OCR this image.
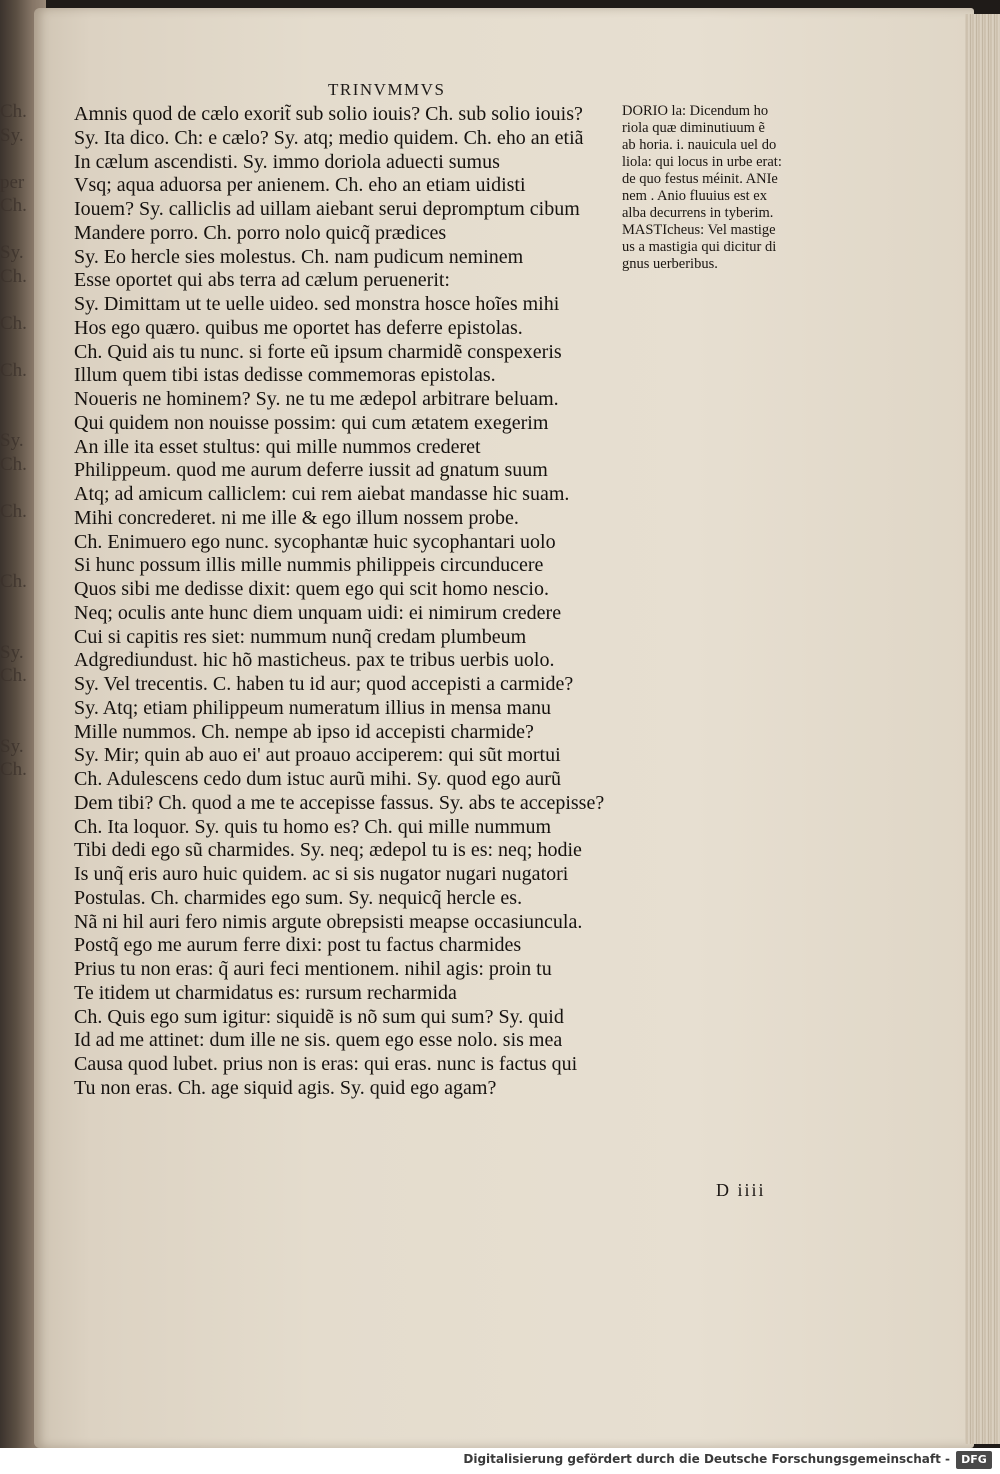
Ch.
Sy.

per
Ch.

Sy.
Ch.

Ch.

Ch.

Sy.
Ch.

Ch.

Ch.

Sy.
Ch.

Sy.
Ch.

TRINVMMVS
Amnis quod de cælo exorit̃ sub solio iouis? Ch. sub solio iouis?
Sy. Ita dico. Ch: e cælo? Sy. atq; medio quidem. Ch. eho an etiã
In cælum ascendisti. Sy. immo doriola aduecti sumus
Vsq; aqua aduorsa per anienem. Ch. eho an etiam uidisti
Iouem? Sy. calliclis ad uillam aiebant serui depromptum cibum
Mandere porro. Ch. porro nolo quicq̃ prædices
Sy. Eo hercle sies molestus. Ch. nam pudicum neminem
Esse oportet qui abs terra ad cælum peruenerit:
Sy. Dimittam ut te uelle uideo. sed monstra hosce hoĩes mihi
Hos ego quæro. quibus me oportet has deferre epistolas.
Ch. Quid ais tu nunc. si forte eũ ipsum charmidẽ conspexeris
Illum quem tibi istas dedisse commemoras epistolas.
Noueris ne hominem? Sy. ne tu me ædepol arbitrare beluam.
Qui quidem non nouisse possim: qui cum ætatem exegerim
An ille ita esset stultus: qui mille nummos crederet
Philippeum. quod me aurum deferre iussit ad gnatum suum
Atq; ad amicum calliclem: cui rem aiebat mandasse hic suam.
Mihi concrederet. ni me ille & ego illum nossem probe.
Ch. Enimuero ego nunc. sycophantæ huic sycophantari uolo
Si hunc possum illis mille nummis philippeis circunducere
Quos sibi me dedisse dixit: quem ego qui scit homo nescio.
Neq; oculis ante hunc diem unquam uidi: ei nimirum credere
Cui si capitis res siet: nummum nunq̃ credam plumbeum
Adgrediundust. hic hõ masticheus. pax te tribus uerbis uolo.
Sy. Vel trecentis. C. haben tu id aur; quod accepisti a carmide?
Sy. Atq; etiam philippeum numeratum illius in mensa manu
Mille nummos. Ch. nempe ab ipso id accepisti charmide?
Sy. Mir; quin ab auo ei' aut proauo acciperem: qui sũt mortui
Ch. Adulescens cedo dum istuc aurũ mihi. Sy. quod ego aurũ
Dem tibi? Ch. quod a me te accepisse fassus. Sy. abs te accepisse?
Ch. Ita loquor. Sy. quis tu homo es? Ch. qui mille nummum
Tibi dedi ego sũ charmides. Sy. neq; ædepol tu is es: neq; hodie
Is unq̃ eris auro huic quidem. ac si sis nugator nugari nugatori
Postulas. Ch. charmides ego sum. Sy. nequicq̃ hercle es.
Nã ni hil auri fero nimis argute obrepsisti meapse occasiuncula.
Postq̃ ego me aurum ferre dixi: post tu factus charmides
Prius tu non eras: q̃ auri feci mentionem. nihil agis: proin tu
Te itidem ut charmidatus es: rursum recharmida
Ch. Quis ego sum igitur: siquidẽ is nõ sum qui sum? Sy. quid
Id ad me attinet: dum ille ne sis. quem ego esse nolo. sis mea
Causa quod lubet. prius non is eras: qui eras. nunc is factus qui
Tu non eras. Ch. age siquid agis. Sy. quid ego agam?
DORIO la: Dicendum ho
riola quæ diminutiuum ẽ
ab horia. i. nauicula uel do
liola: qui locus in urbe erat:
de quo festus méinit. ANIe
nem . Anio fluuius est ex
alba decurrens in tyberim.
MASTIcheus: Vel mastige
us a mastigia qui dicitur di
gnus uerberibus.
D iiii
Digitalisierung gefördert durch die Deutsche Forschungsgemeinschaft -	DFG
